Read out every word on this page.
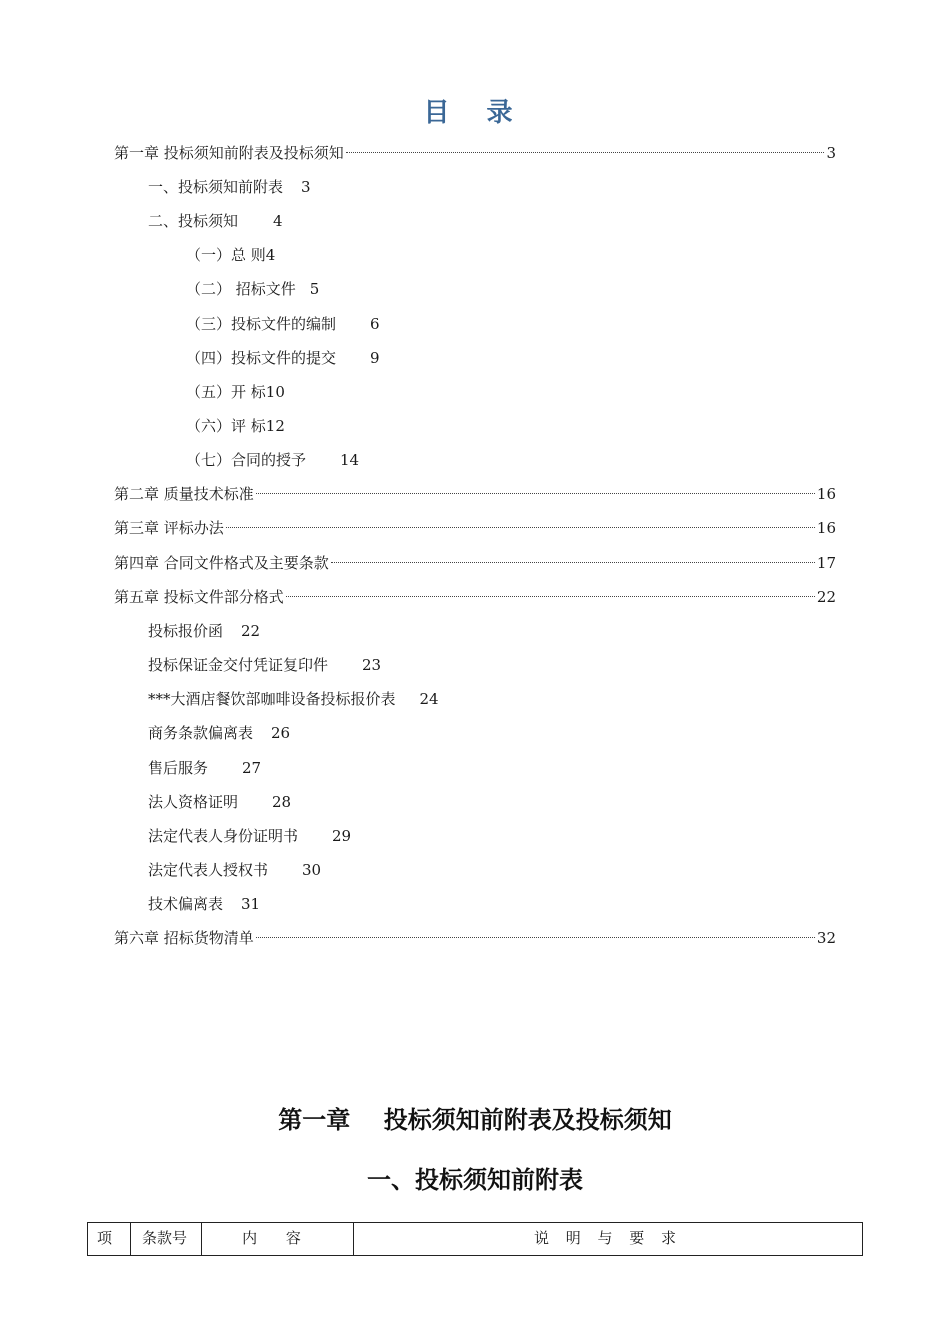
目 录
第一章 投标须知前附表及投标须知	3
一、投标须知前附表 3
二、投标须知 4
（一）总 则4
（二） 招标文件 5
（三）投标文件的编制 6
（四）投标文件的提交 9
（五）开 标10
（六）评 标12
（七）合同的授予 14
第二章 质量技术标准	16
第三章 评标办法	16
第四章 合同文件格式及主要条款	17
第五章 投标文件部分格式	22
投标报价函 22
投标保证金交付凭证复印件 23
***大酒店餐饮部咖啡设备投标报价表 24
商务条款偏离表 26
售后服务 27
法人资格证明 28
法定代表人身份证明书 29
法定代表人授权书 30
技术偏离表 31
第六章 招标货物清单	32
第一章    投标须知前附表及投标须知
一、投标须知前附表
项	条款号	内 容	说 明 与 要 求
